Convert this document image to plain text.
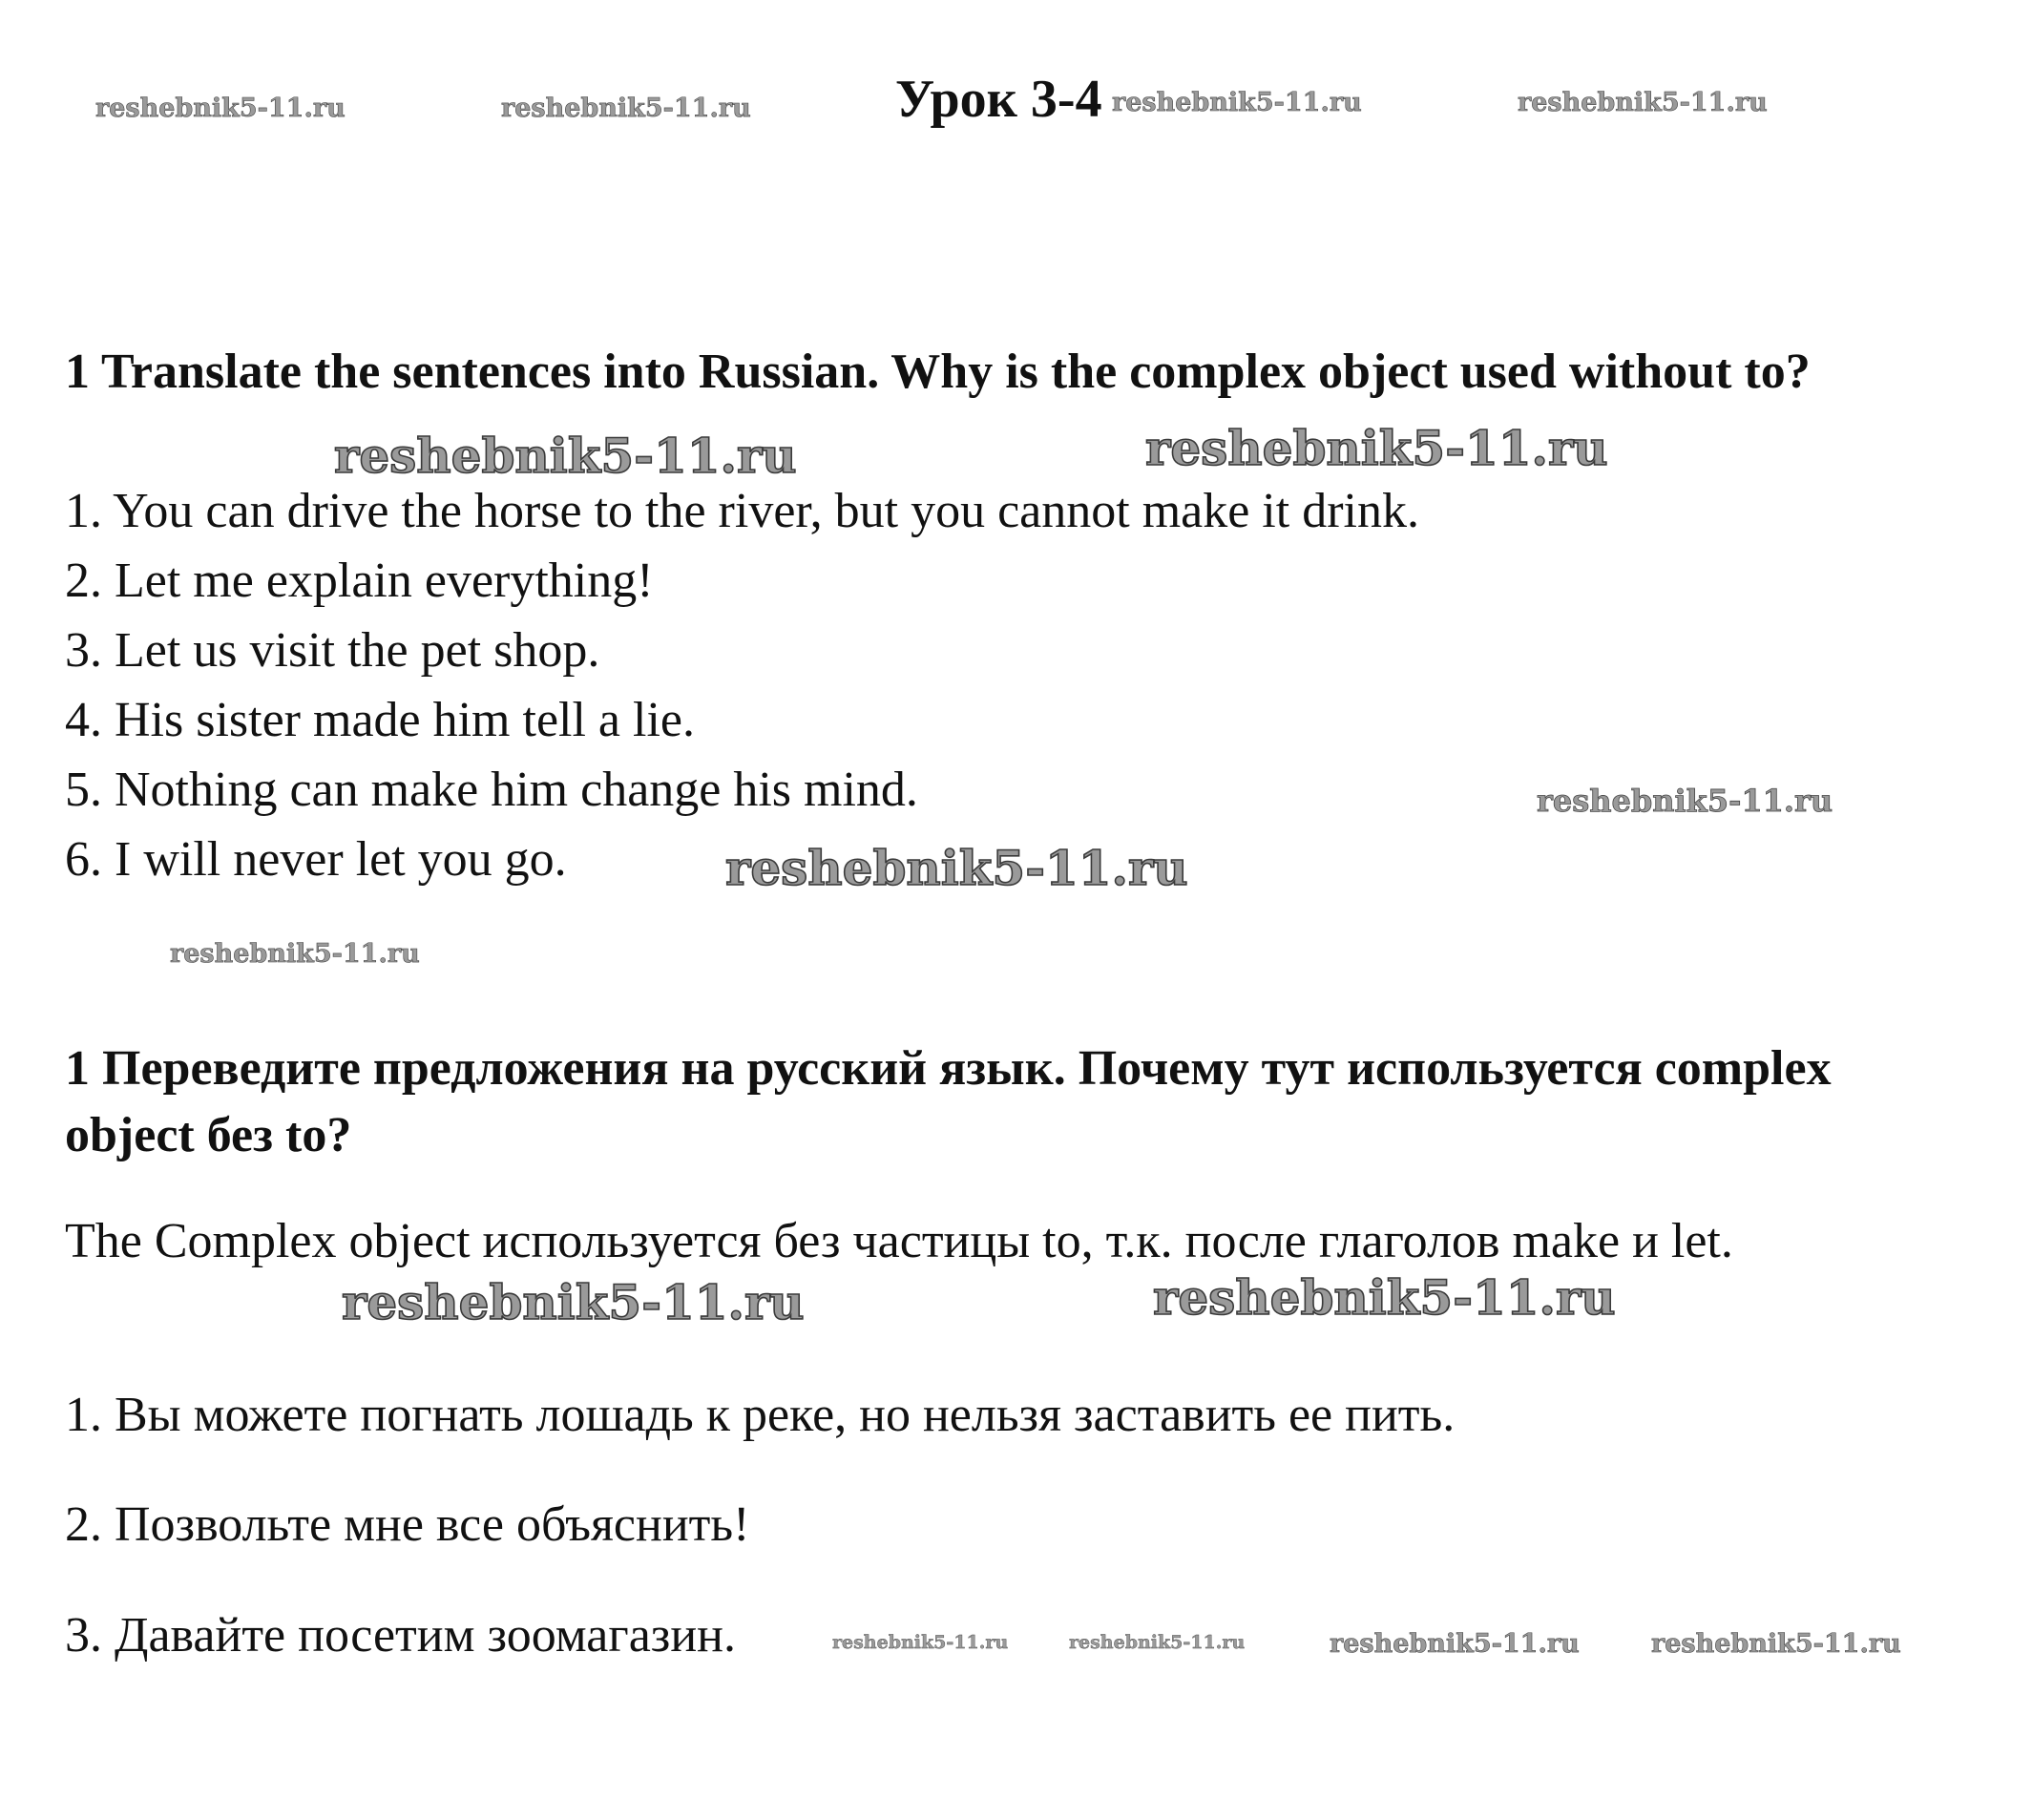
Урок 3-4
reshebnik5-11.ru	reshebnik5-11.ru	reshebnik5-11.ru	reshebnik5-11.ru
1 Translate the sentences into Russian. Why is the complex object used without to?
reshebnik5-11.ru	reshebnik5-11.ru
1. You can drive the horse to the river, but you cannot make it drink.
2. Let me explain everything!
3. Let us visit the pet shop.
4. His sister made him tell a lie.
5. Nothing can make him change his mind.
6. I will never let you go.
reshebnik5-11.ru
reshebnik5-11.ru
reshebnik5-11.ru
1 Переведите предложения на русский язык. Почему тут используется complex object без to?
The Complex object используется без частицы to, т.к. после глаголов make и let.
reshebnik5-11.ru	reshebnik5-11.ru
1. Вы можете погнать лошадь к реке, но нельзя заставить ее пить.
2. Позвольте мне все объяснить!
3. Давайте посетим зоомагазин.	reshebnik5-11.ru	reshebnik5-11.ru	reshebnik5-11.ru	reshebnik5-11.ru
